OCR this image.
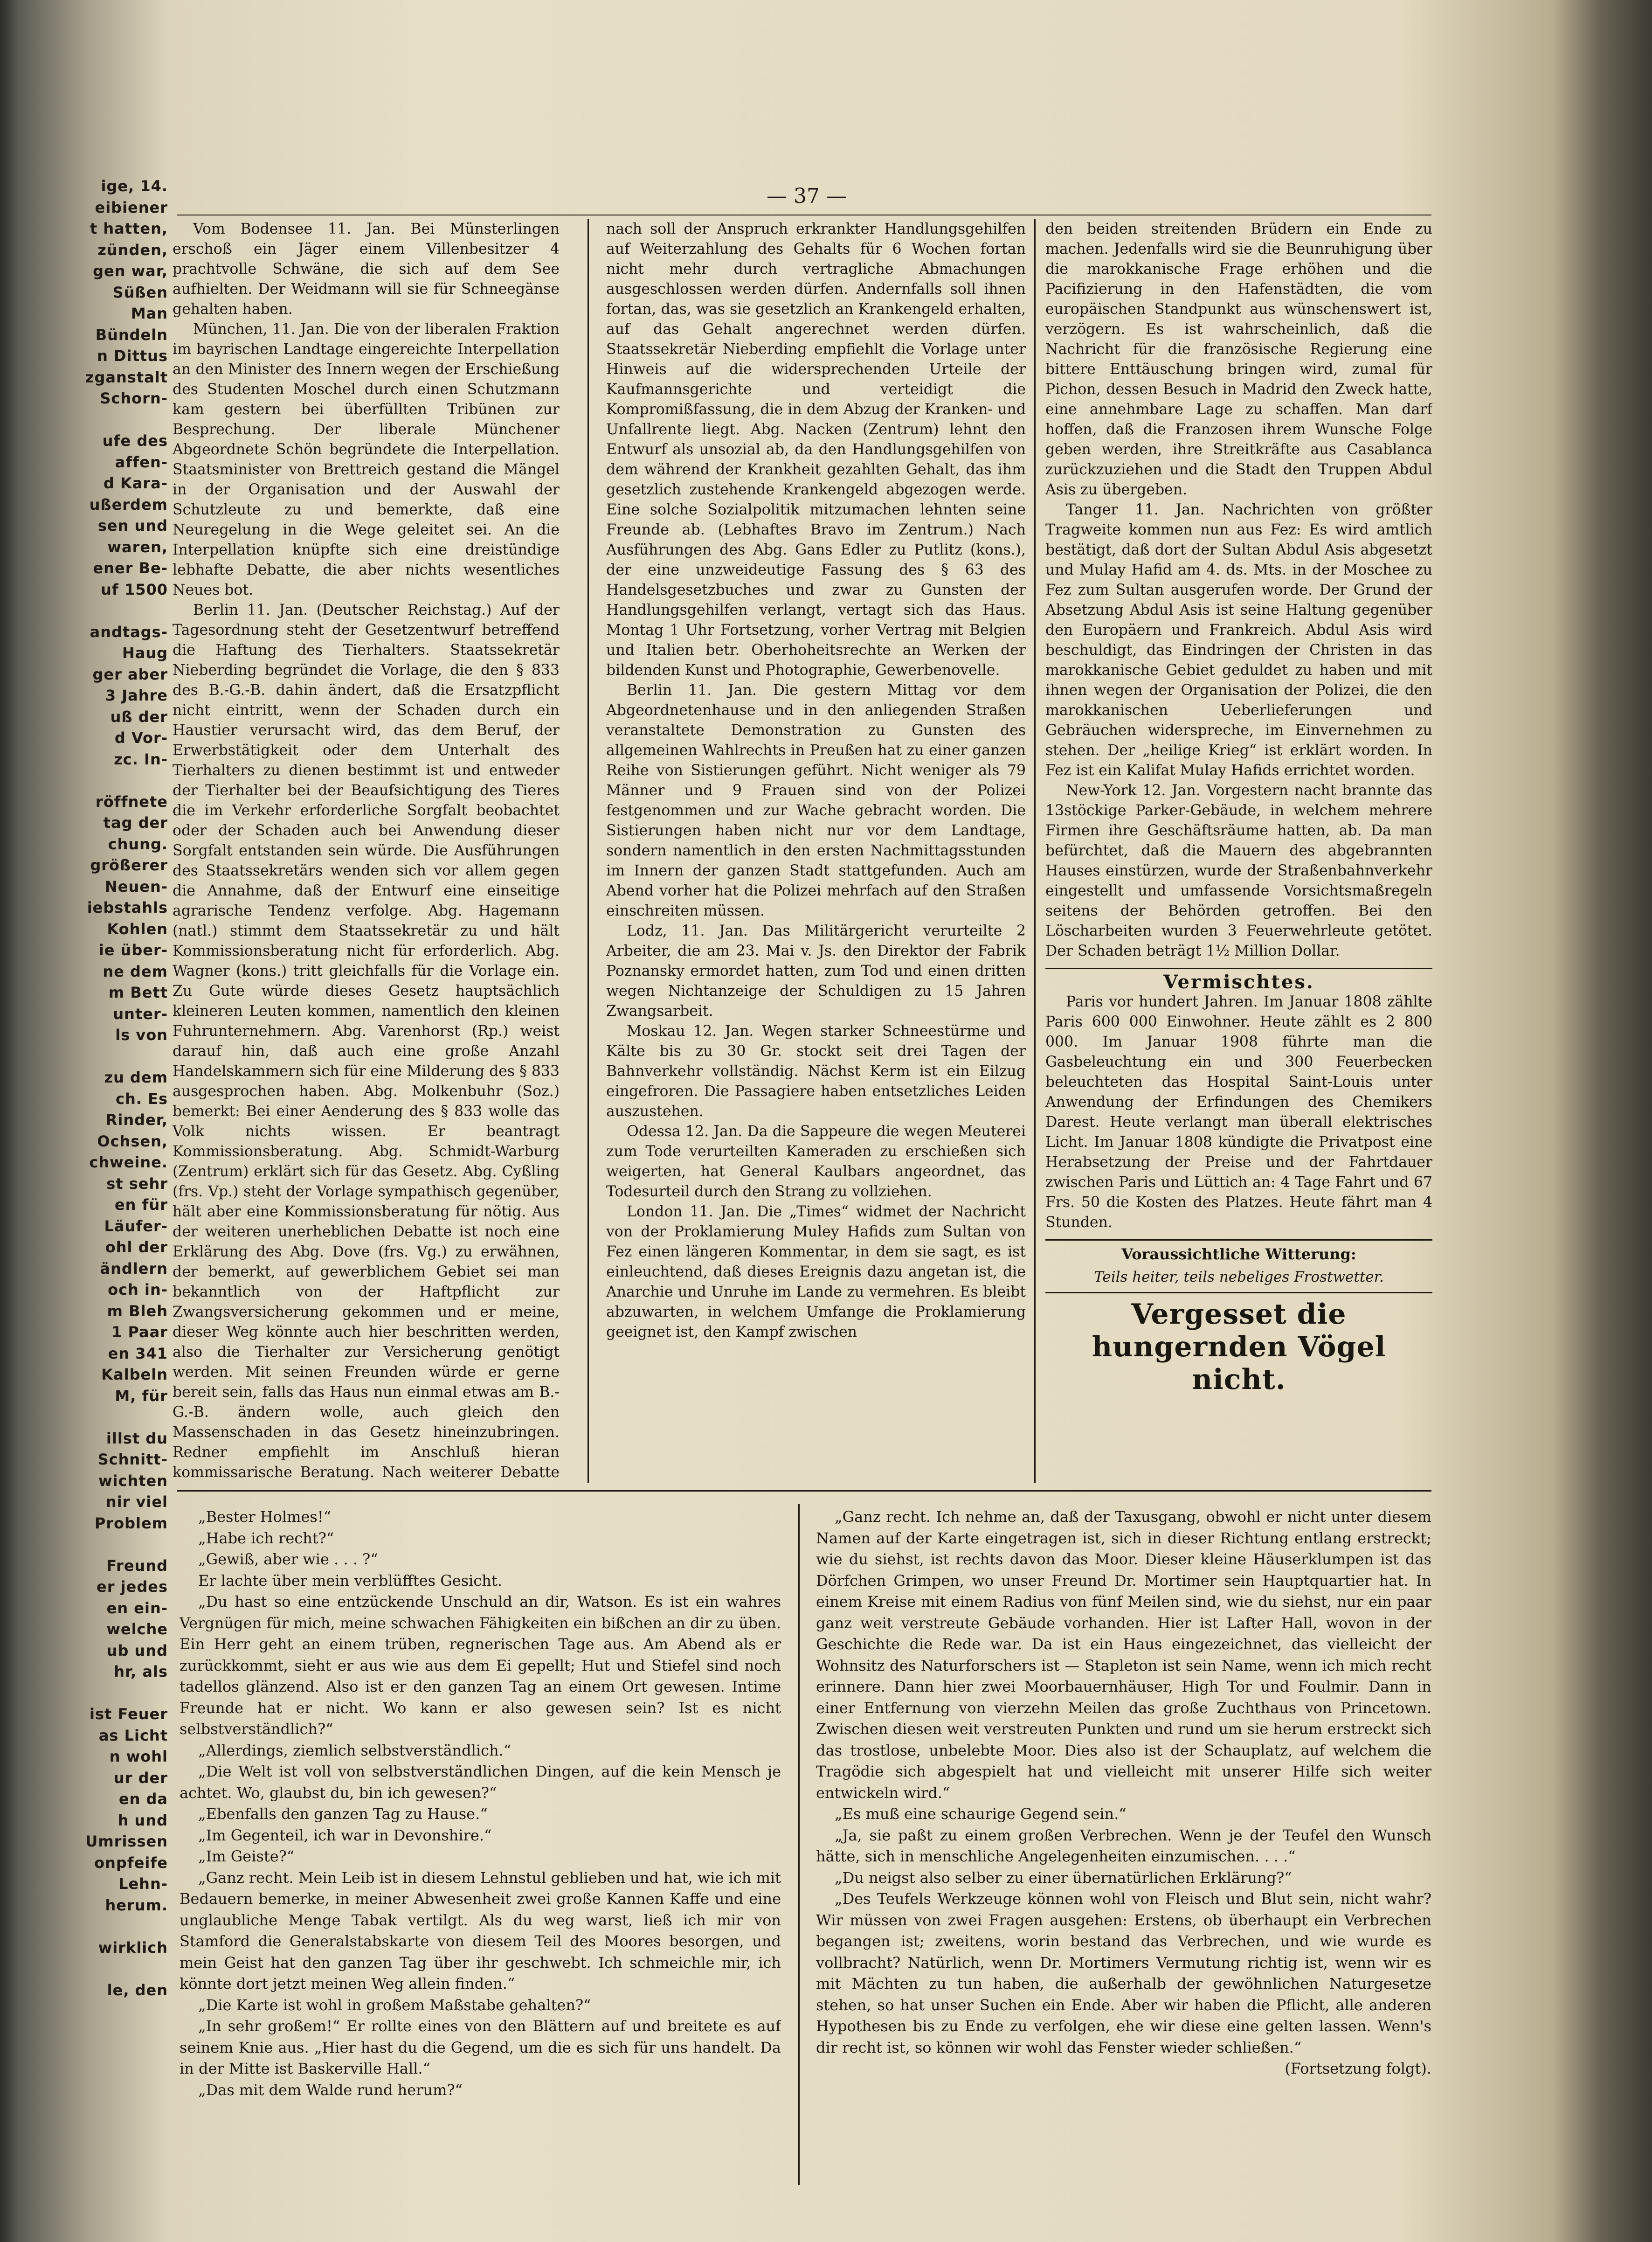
ige, 14.
eibiener
t hatten,
zünden,
gen war,
Süßen
Man
Bündeln
n Dittus
zganstalt
Schorn-
ufe des
affen-
d Kara-
ußerdem
sen und
waren,
ener Be-
uf 1500
andtags-
Haug
ger aber
3 Jahre
uß der
d Vor-
zc. In-
röffnete
tag der
chung.
größerer
Neuen-
iebstahls
Kohlen
ie über-
ne dem
m Bett
unter-
ls von
zu dem
ch. Es
Rinder,
Ochsen,
chweine.
st sehr
en für
Läufer-
ohl der
ändlern
och in-
m Bleh
1 Paar
en 341
Kalbeln
M, für
illst du
Schnitt-
wichten
nir viel
Problem
Freund
er jedes
en ein-
welche
ub und
hr, als
ist Feuer
as Licht
n wohl
ur der
en da
h und
Umrissen
onpfeife
Lehn-
herum.
wirklich
le, den
— 37 —

Vom Bodensee 11. Jan. Bei Münsterlingen erschoß ein Jäger einem Villenbesitzer 4 prachtvolle Schwäne, die sich auf dem See aufhielten. Der Weidmann will sie für Schneegänse gehalten haben.

München, 11. Jan. Die von der liberalen Fraktion im bayrischen Landtage eingereichte Interpellation an den Minister des Innern wegen der Erschießung des Studenten Moschel durch einen Schutzmann kam gestern bei überfüllten Tribünen zur Besprechung. Der liberale Münchener Abgeordnete Schön begründete die Interpellation. Staatsminister von Brettreich gestand die Mängel in der Organisation und der Auswahl der Schutzleute zu und bemerkte, daß eine Neuregelung in die Wege geleitet sei. An die Interpellation knüpfte sich eine dreistündige lebhafte Debatte, die aber nichts wesentliches Neues bot.

Berlin 11. Jan. (Deutscher Reichstag.) Auf der Tagesordnung steht der Gesetzentwurf betreffend die Haftung des Tierhalters. Staatssekretär Nieberding begründet die Vorlage, die den § 833 des B.-G.-B. dahin ändert, daß die Ersatzpflicht nicht eintritt, wenn der Schaden durch ein Haustier verursacht wird, das dem Beruf, der Erwerbstätigkeit oder dem Unterhalt des Tierhalters zu dienen bestimmt ist und entweder der Tierhalter bei der Beaufsichtigung des Tieres die im Verkehr erforderliche Sorgfalt beobachtet oder der Schaden auch bei Anwendung dieser Sorgfalt entstanden sein würde. Die Ausführungen des Staatssekretärs wenden sich vor allem gegen die Annahme, daß der Entwurf eine einseitige agrarische Tendenz verfolge. Abg. Hagemann (natl.) stimmt dem Staatssekretär zu und hält Kommissionsberatung nicht für erforderlich. Abg. Wagner (kons.) tritt gleichfalls für die Vorlage ein. Zu Gute würde dieses Gesetz hauptsächlich kleineren Leuten kommen, namentlich den kleinen Fuhrunternehmern. Abg. Varenhorst (Rp.) weist darauf hin, daß auch eine große Anzahl Handelskammern sich für eine Milderung des § 833 ausgesprochen haben. Abg. Molkenbuhr (Soz.) bemerkt: Bei einer Aenderung des § 833 wolle das Volk nichts wissen. Er beantragt Kommissionsberatung. Abg. Schmidt-Warburg (Zentrum) erklärt sich für das Gesetz. Abg. Cyßling (frs. Vp.) steht der Vorlage sympathisch gegenüber, hält aber eine Kommissionsberatung für nötig. Aus der weiteren unerheblichen Debatte ist noch eine Erklärung des Abg. Dove (frs. Vg.) zu erwähnen, der bemerkt, auf gewerblichem Gebiet sei man bekanntlich von der Haftpflicht zur Zwangsversicherung gekommen und er meine, dieser Weg könnte auch hier beschritten werden, also die Tierhalter zur Versicherung genötigt werden. Mit seinen Freunden würde er gerne bereit sein, falls das Haus nun einmal etwas am B.-G.-B. ändern wolle, auch gleich den Massenschaden in das Gesetz hineinzubringen. Redner empfiehlt im Anschluß hieran kommissarische Beratung. Nach weiterer Debatte

nach soll der Anspruch erkrankter Handlungsgehilfen auf Weiterzahlung des Gehalts für 6 Wochen fortan nicht mehr durch vertragliche Abmachungen ausgeschlossen werden dürfen. Andernfalls soll ihnen fortan, das, was sie gesetzlich an Krankengeld erhalten, auf das Gehalt angerechnet werden dürfen. Staatssekretär Nieberding empfiehlt die Vorlage unter Hinweis auf die widersprechenden Urteile der Kaufmannsgerichte und verteidigt die Kompromißfassung, die in dem Abzug der Kranken- und Unfallrente liegt. Abg. Nacken (Zentrum) lehnt den Entwurf als unsozial ab, da den Handlungsgehilfen von dem während der Krankheit gezahlten Gehalt, das ihm gesetzlich zustehende Krankengeld abgezogen werde. Eine solche Sozialpolitik mitzumachen lehnten seine Freunde ab. (Lebhaftes Bravo im Zentrum.) Nach Ausführungen des Abg. Gans Edler zu Putlitz (kons.), der eine unzweideutige Fassung des § 63 des Handelsgesetzbuches und zwar zu Gunsten der Handlungsgehilfen verlangt, vertagt sich das Haus. Montag 1 Uhr Fortsetzung, vorher Vertrag mit Belgien und Italien betr. Oberhoheitsrechte an Werken der bildenden Kunst und Photographie, Gewerbenovelle.

Berlin 11. Jan. Die gestern Mittag vor dem Abgeordnetenhause und in den anliegenden Straßen veranstaltete Demonstration zu Gunsten des allgemeinen Wahlrechts in Preußen hat zu einer ganzen Reihe von Sistierungen geführt. Nicht weniger als 79 Männer und 9 Frauen sind von der Polizei festgenommen und zur Wache gebracht worden. Die Sistierungen haben nicht nur vor dem Landtage, sondern namentlich in den ersten Nachmittagsstunden im Innern der ganzen Stadt stattgefunden. Auch am Abend vorher hat die Polizei mehrfach auf den Straßen einschreiten müssen.

Lodz, 11. Jan. Das Militärgericht verurteilte 2 Arbeiter, die am 23. Mai v. Js. den Direktor der Fabrik Poznansky ermordet hatten, zum Tod und einen dritten wegen Nichtanzeige der Schuldigen zu 15 Jahren Zwangsarbeit.

Moskau 12. Jan. Wegen starker Schneestürme und Kälte bis zu 30 Gr. stockt seit drei Tagen der Bahnverkehr vollständig. Nächst Kerm ist ein Eilzug eingefroren. Die Passagiere haben entsetzliches Leiden auszustehen.

Odessa 12. Jan. Da die Sappeure die wegen Meuterei zum Tode verurteilten Kameraden zu erschießen sich weigerten, hat General Kaulbars angeordnet, das Todesurteil durch den Strang zu vollziehen.

London 11. Jan. Die „Times“ widmet der Nachricht von der Proklamierung Muley Hafids zum Sultan von Fez einen längeren Kommentar, in dem sie sagt, es ist einleuchtend, daß dieses Ereignis dazu angetan ist, die Anarchie und Unruhe im Lande zu vermehren. Es bleibt abzuwarten, in welchem Umfange die Proklamierung geeignet ist, den Kampf zwischen

den beiden streitenden Brüdern ein Ende zu machen. Jedenfalls wird sie die Beunruhigung über die marokkanische Frage erhöhen und die Pacifizierung in den Hafenstädten, die vom europäischen Standpunkt aus wünschenswert ist, verzögern. Es ist wahrscheinlich, daß die Nachricht für die französische Regierung eine bittere Enttäuschung bringen wird, zumal für Pichon, dessen Besuch in Madrid den Zweck hatte, eine annehmbare Lage zu schaffen. Man darf hoffen, daß die Franzosen ihrem Wunsche Folge geben werden, ihre Streitkräfte aus Casablanca zurückzuziehen und die Stadt den Truppen Abdul Asis zu übergeben.

Tanger 11. Jan. Nachrichten von größter Tragweite kommen nun aus Fez: Es wird amtlich bestätigt, daß dort der Sultan Abdul Asis abgesetzt und Mulay Hafid am 4. ds. Mts. in der Moschee zu Fez zum Sultan ausgerufen worde. Der Grund der Absetzung Abdul Asis ist seine Haltung gegenüber den Europäern und Frankreich. Abdul Asis wird beschuldigt, das Eindringen der Christen in das marokkanische Gebiet geduldet zu haben und mit ihnen wegen der Organisation der Polizei, die den marokkanischen Ueberlieferungen und Gebräuchen widerspreche, im Einvernehmen zu stehen. Der „heilige Krieg“ ist erklärt worden. In Fez ist ein Kalifat Mulay Hafids errichtet worden.

New-York 12. Jan. Vorgestern nacht brannte das 13stöckige Parker-Gebäude, in welchem mehrere Firmen ihre Geschäftsräume hatten, ab. Da man befürchtet, daß die Mauern des abgebrannten Hauses einstürzen, wurde der Straßenbahnverkehr eingestellt und umfassende Vorsichtsmaßregeln seitens der Behörden getroffen. Bei den Löscharbeiten wurden 3 Feuerwehrleute getötet. Der Schaden beträgt 1½ Million Dollar.

Vermischtes.

Paris vor hundert Jahren. Im Januar 1808 zählte Paris 600 000 Einwohner. Heute zählt es 2 800 000. Im Januar 1908 führte man die Gasbeleuchtung ein und 300 Feuerbecken beleuchteten das Hospital Saint-Louis unter Anwendung der Erfindungen des Chemikers Darest. Heute verlangt man überall elektrisches Licht. Im Januar 1808 kündigte die Privatpost eine Herabsetzung der Preise und der Fahrtdauer zwischen Paris und Lüttich an: 4 Tage Fahrt und 67 Frs. 50 die Kosten des Platzes. Heute fährt man 4 Stunden.

Voraussichtliche Witterung:
Teils heiter, teils nebeliges Frostwetter.
Vergesset die hungernden Vögel nicht.

„Bester Holmes!“

„Habe ich recht?“

„Gewiß, aber wie . . . ?“

Er lachte über mein verblüfftes Gesicht.

„Du hast so eine entzückende Unschuld an dir, Watson. Es ist ein wahres Vergnügen für mich, meine schwachen Fähigkeiten ein bißchen an dir zu üben. Ein Herr geht an einem trüben, regnerischen Tage aus. Am Abend als er zurückkommt, sieht er aus wie aus dem Ei gepellt; Hut und Stiefel sind noch tadellos glänzend. Also ist er den ganzen Tag an einem Ort gewesen. Intime Freunde hat er nicht. Wo kann er also gewesen sein? Ist es nicht selbstverständlich?“

„Allerdings, ziemlich selbstverständlich.“

„Die Welt ist voll von selbstverständlichen Dingen, auf die kein Mensch je achtet. Wo, glaubst du, bin ich gewesen?“

„Ebenfalls den ganzen Tag zu Hause.“

„Im Gegenteil, ich war in Devonshire.“

„Im Geiste?“

„Ganz recht. Mein Leib ist in diesem Lehnstul geblieben und hat, wie ich mit Bedauern bemerke, in meiner Abwesenheit zwei große Kannen Kaffe und eine unglaubliche Menge Tabak vertilgt. Als du weg warst, ließ ich mir von Stamford die Generalstabskarte von diesem Teil des Moores besorgen, und mein Geist hat den ganzen Tag über ihr geschwebt. Ich schmeichle mir, ich könnte dort jetzt meinen Weg allein finden.“

„Die Karte ist wohl in großem Maßstabe gehalten?“

„In sehr großem!“ Er rollte eines von den Blättern auf und breitete es auf seinem Knie aus. „Hier hast du die Gegend, um die es sich für uns handelt. Da in der Mitte ist Baskerville Hall.“

„Das mit dem Walde rund herum?“

„Ganz recht. Ich nehme an, daß der Taxusgang, obwohl er nicht unter diesem Namen auf der Karte eingetragen ist, sich in dieser Richtung entlang erstreckt; wie du siehst, ist rechts davon das Moor. Dieser kleine Häuserklumpen ist das Dörfchen Grimpen, wo unser Freund Dr. Mortimer sein Hauptquartier hat. In einem Kreise mit einem Radius von fünf Meilen sind, wie du siehst, nur ein paar ganz weit verstreute Gebäude vorhanden. Hier ist Lafter Hall, wovon in der Geschichte die Rede war. Da ist ein Haus eingezeichnet, das vielleicht der Wohnsitz des Naturforschers ist — Stapleton ist sein Name, wenn ich mich recht erinnere. Dann hier zwei Moorbauernhäuser, High Tor und Foulmir. Dann in einer Entfernung von vierzehn Meilen das große Zuchthaus von Princetown. Zwischen diesen weit verstreuten Punkten und rund um sie herum erstreckt sich das trostlose, unbelebte Moor. Dies also ist der Schauplatz, auf welchem die Tragödie sich abgespielt hat und vielleicht mit unserer Hilfe sich weiter entwickeln wird.“

„Es muß eine schaurige Gegend sein.“

„Ja, sie paßt zu einem großen Verbrechen. Wenn je der Teufel den Wunsch hätte, sich in menschliche Angelegenheiten einzumischen. . . .“

„Du neigst also selber zu einer übernatürlichen Erklärung?“

„Des Teufels Werkzeuge können wohl von Fleisch und Blut sein, nicht wahr? Wir müssen von zwei Fragen ausgehen: Erstens, ob überhaupt ein Verbrechen begangen ist; zweitens, worin bestand das Verbrechen, und wie wurde es vollbracht? Natürlich, wenn Dr. Mortimers Vermutung richtig ist, wenn wir es mit Mächten zu tun haben, die außerhalb der gewöhnlichen Naturgesetze stehen, so hat unser Suchen ein Ende. Aber wir haben die Pflicht, alle anderen Hypothesen bis zu Ende zu verfolgen, ehe wir diese eine gelten lassen. Wenn's dir recht ist, so können wir wohl das Fenster wieder schließen.“

(Fortsetzung folgt).
